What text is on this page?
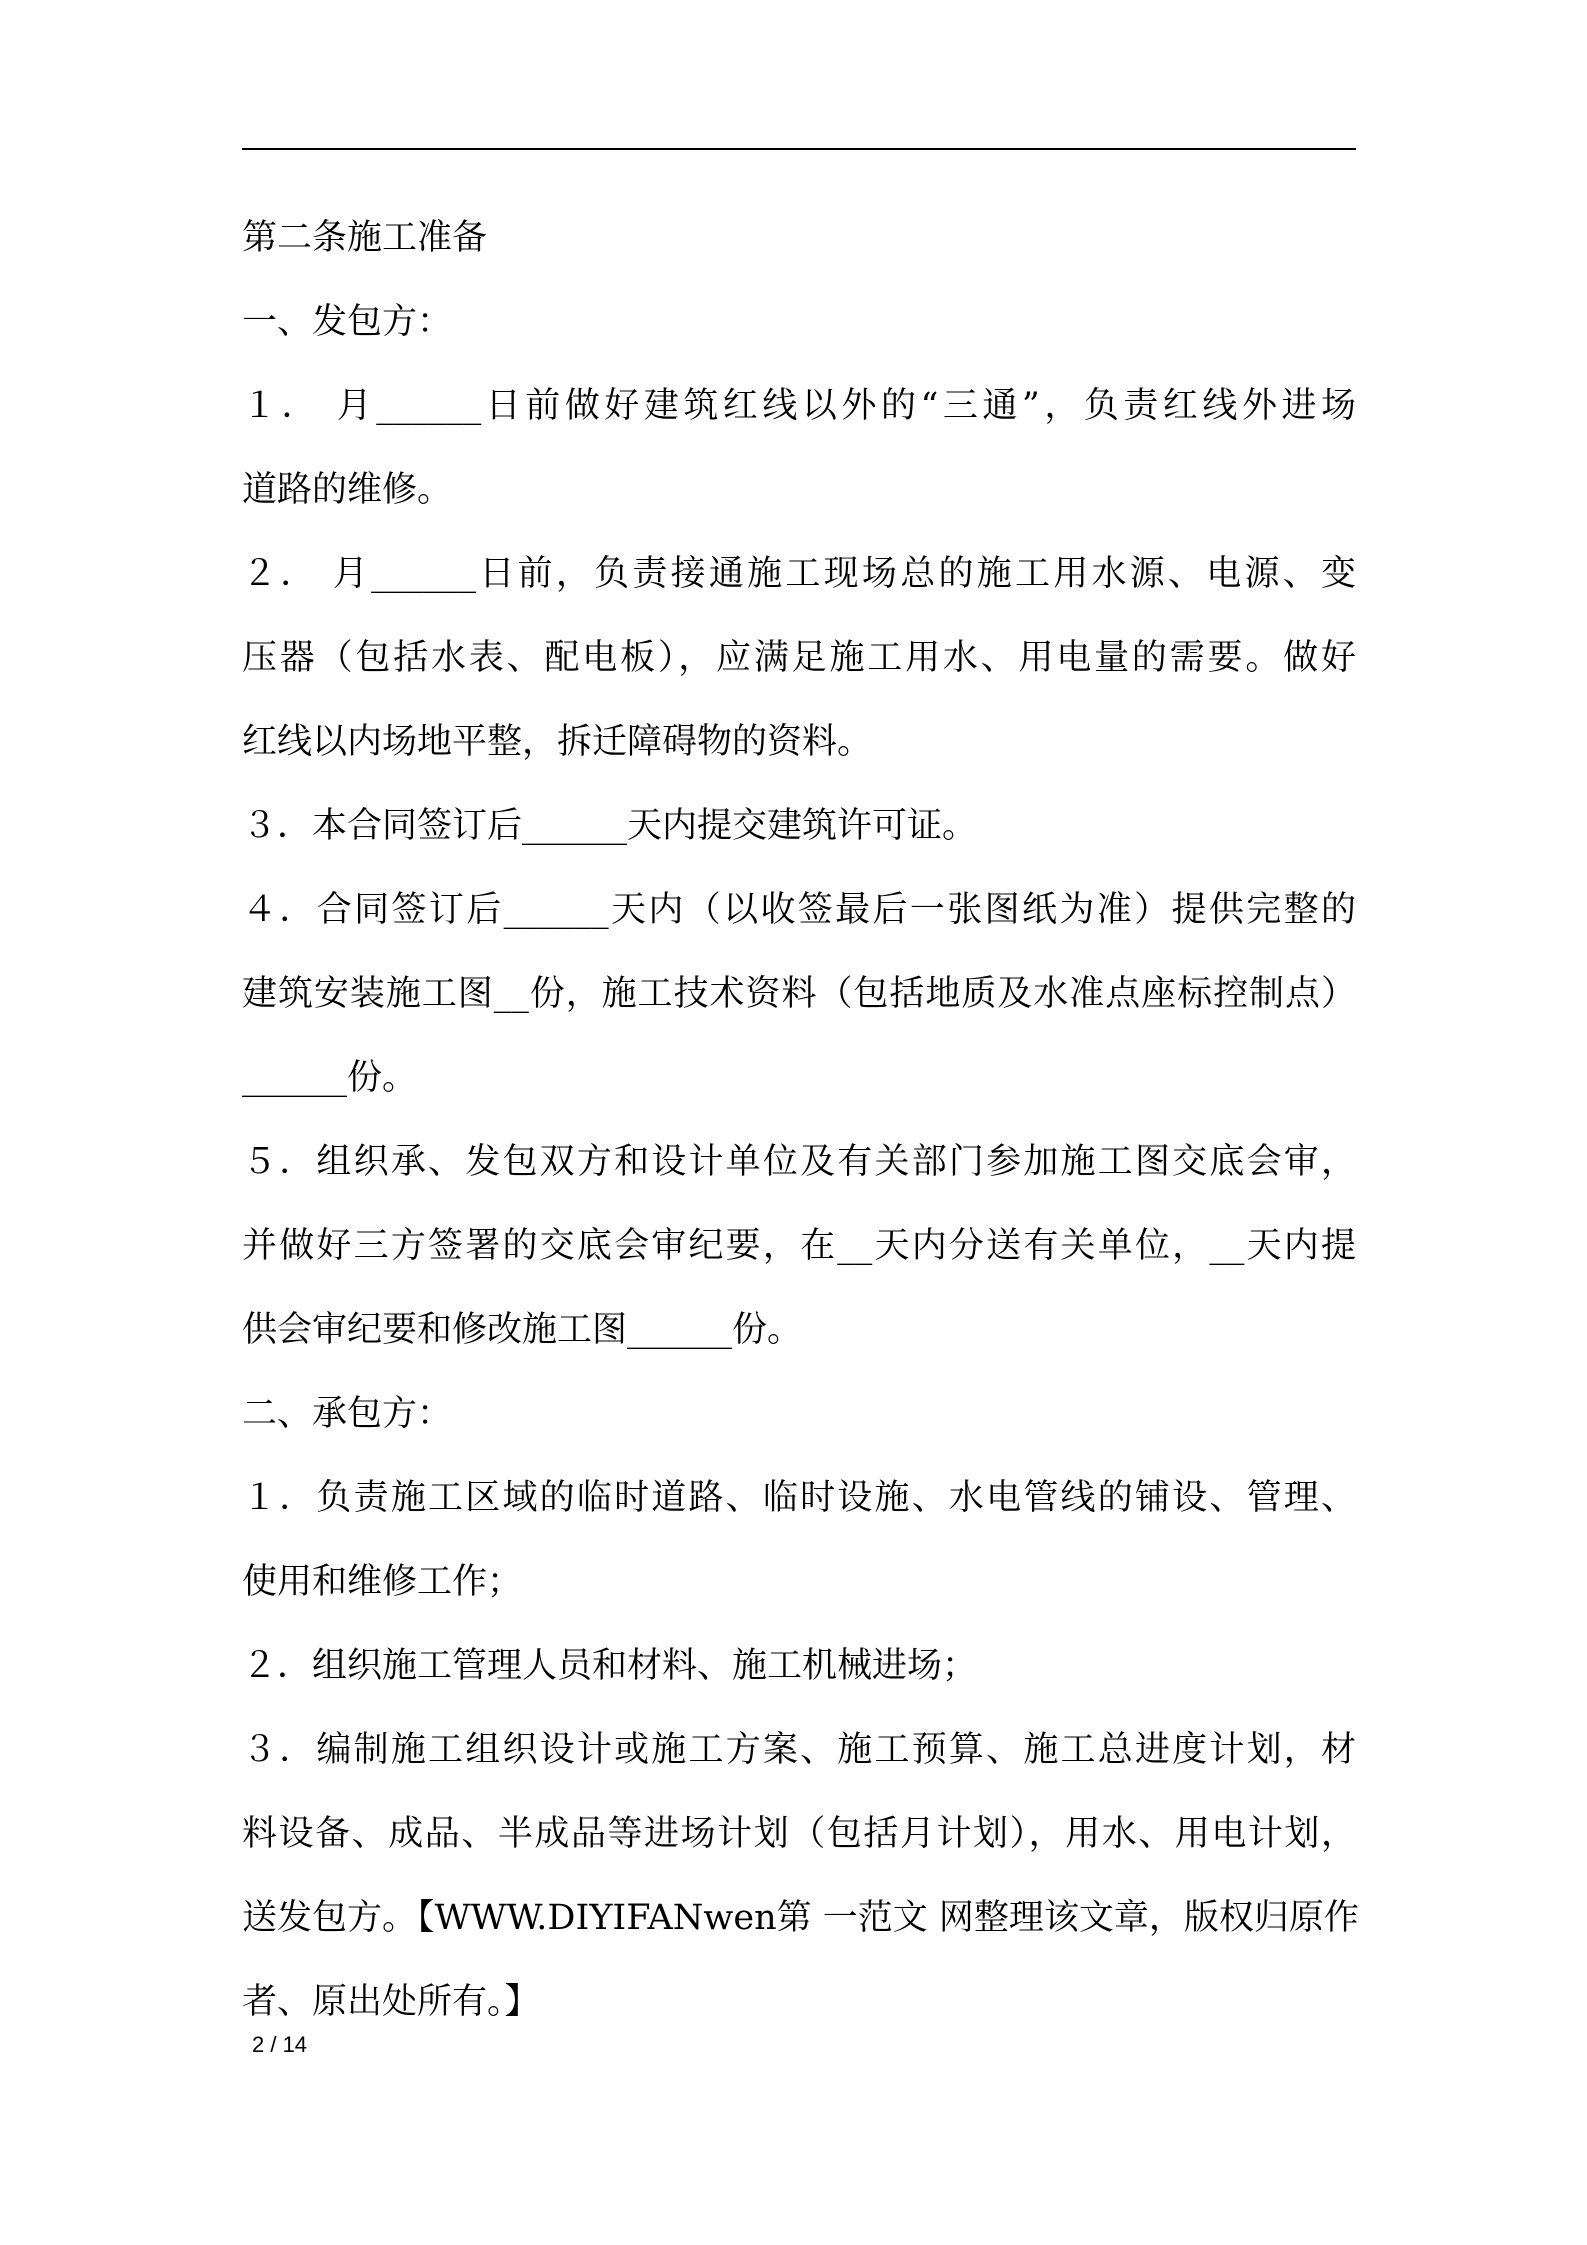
第二条施工准备
一、发包方：
１． 月______日前做好建筑红线以外的“三通”，负责红线外进场
道路的维修。
２． 月______日前，负责接通施工现场总的施工用水源、电源、变
压器（包括水表、配电板），应满足施工用水、用电量的需要。做好
红线以内场地平整，拆迁障碍物的资料。
３．本合同签订后______天内提交建筑许可证。
４．合同签订后______天内（以收签最后一张图纸为准）提供完整的
建筑安装施工图__份，施工技术资料（包括地质及水准点座标控制点）
______份。
５．组织承、发包双方和设计单位及有关部门参加施工图交底会审，
并做好三方签署的交底会审纪要，在__天内分送有关单位，__天内提
供会审纪要和修改施工图______份。
二、承包方：
１．负责施工区域的临时道路、临时设施、水电管线的铺设、管理、
使用和维修工作；
２．组织施工管理人员和材料、施工机械进场；
３．编制施工组织设计或施工方案、施工预算、施工总进度计划，材
料设备、成品、半成品等进场计划（包括月计划），用水、用电计划，
送发包方。【WWW.DIYIFANwen第 一范文 网整理该文章，版权归原作
者、原出处所有。】
2 / 14
